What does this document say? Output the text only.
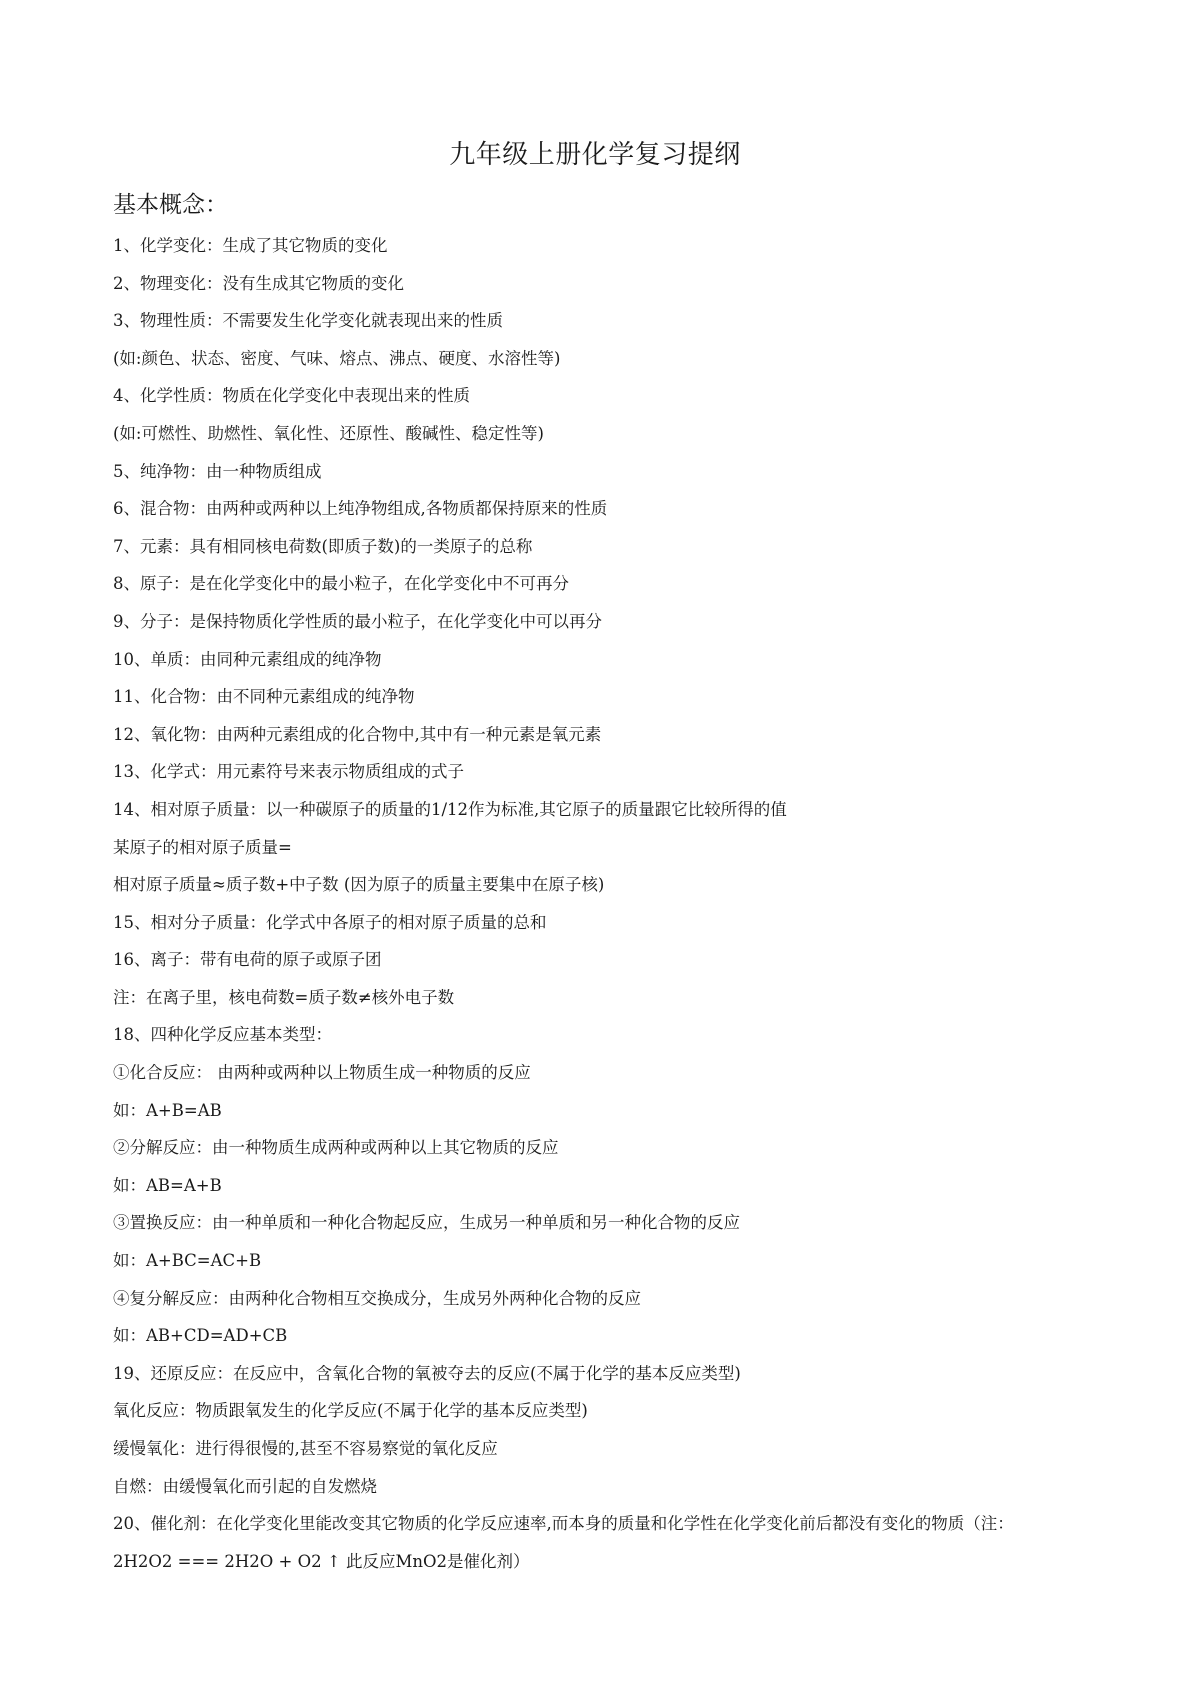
九年级上册化学复习提纲
基本概念：
1、化学变化：生成了其它物质的变化
2、物理变化：没有生成其它物质的变化
3、物理性质：不需要发生化学变化就表现出来的性质
(如:颜色、状态、密度、气味、熔点、沸点、硬度、水溶性等)
4、化学性质：物质在化学变化中表现出来的性质
(如:可燃性、助燃性、氧化性、还原性、酸碱性、稳定性等)
5、纯净物：由一种物质组成
6、混合物：由两种或两种以上纯净物组成,各物质都保持原来的性质
7、元素：具有相同核电荷数(即质子数)的一类原子的总称
8、原子：是在化学变化中的最小粒子，在化学变化中不可再分
9、分子：是保持物质化学性质的最小粒子，在化学变化中可以再分
10、单质：由同种元素组成的纯净物
11、化合物：由不同种元素组成的纯净物
12、氧化物：由两种元素组成的化合物中,其中有一种元素是氧元素
13、化学式：用元素符号来表示物质组成的式子
14、相对原子质量：以一种碳原子的质量的1/12作为标准,其它原子的质量跟它比较所得的值
某原子的相对原子质量=
相对原子质量≈质子数+中子数 (因为原子的质量主要集中在原子核)
15、相对分子质量：化学式中各原子的相对原子质量的总和
16、离子：带有电荷的原子或原子团
注：在离子里，核电荷数=质子数≠核外电子数
18、四种化学反应基本类型：
①化合反应： 由两种或两种以上物质生成一种物质的反应
如：A+B=AB
②分解反应：由一种物质生成两种或两种以上其它物质的反应
如：AB=A+B
③置换反应：由一种单质和一种化合物起反应，生成另一种单质和另一种化合物的反应
如：A+BC=AC+B
④复分解反应：由两种化合物相互交换成分，生成另外两种化合物的反应
如：AB+CD=AD+CB
19、还原反应：在反应中，含氧化合物的氧被夺去的反应(不属于化学的基本反应类型)
氧化反应：物质跟氧发生的化学反应(不属于化学的基本反应类型)
缓慢氧化：进行得很慢的,甚至不容易察觉的氧化反应
自燃：由缓慢氧化而引起的自发燃烧
20、催化剂：在化学变化里能改变其它物质的化学反应速率,而本身的质量和化学性在化学变化前后都没有变化的物质（注：
2H2O2 === 2H2O + O2 ↑ 此反应MnO2是催化剂）
